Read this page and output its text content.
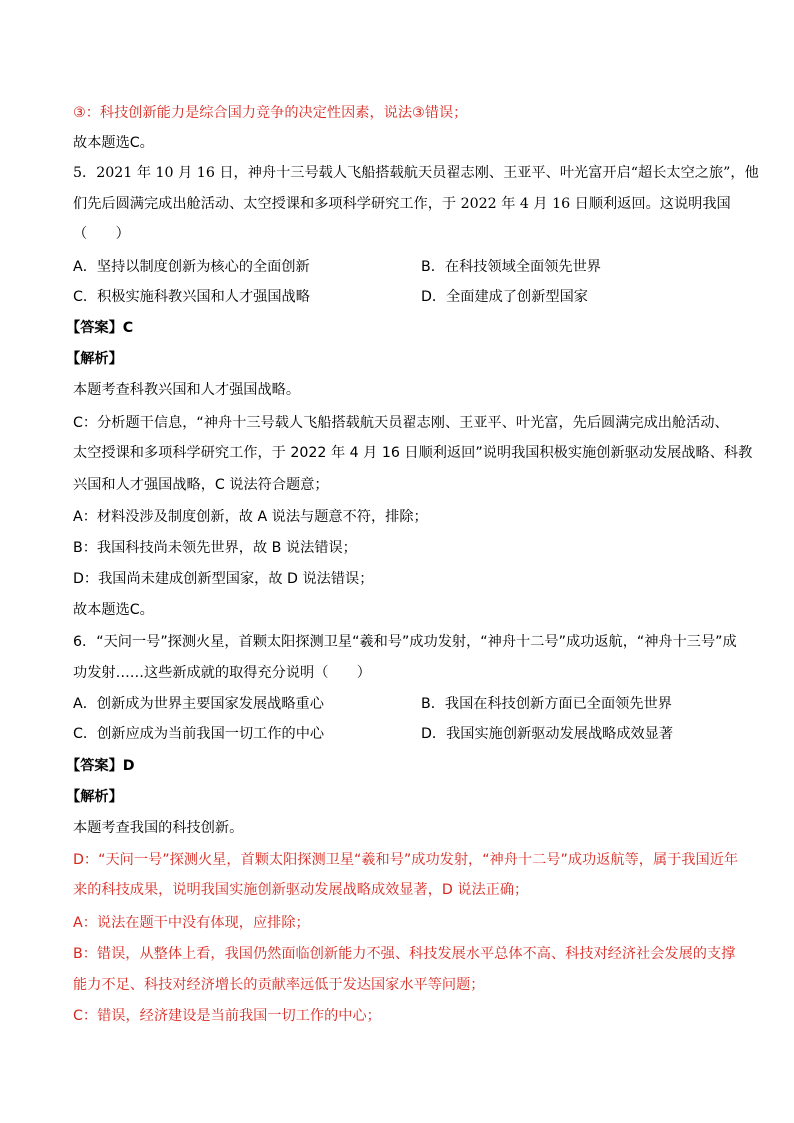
③：科技创新能力是综合国力竞争的决定性因素，说法③错误；
故本题选C。
5．2021 年 10 月 16 日，神舟十三号载人飞船搭载航天员翟志刚、王亚平、叶光富开启“超长太空之旅”，他
们先后圆满完成出舱活动、太空授课和多项科学研究工作，于 2022 年 4 月 16 日顺利返回。这说明我国
（　　）
A．坚持以制度创新为核心的全面创新	B．在科技领域全面领先世界
C．积极实施科教兴国和人才强国战略	D．全面建成了创新型国家
【答案】C
【解析】
本题考查科教兴国和人才强国战略。
C：分析题干信息，“神舟十三号载人飞船搭载航天员翟志刚、王亚平、叶光富，先后圆满完成出舱活动、
太空授课和多项科学研究工作，于 2022 年 4 月 16 日顺利返回”说明我国积极实施创新驱动发展战略、科教
兴国和人才强国战略，C 说法符合题意；
A：材料没涉及制度创新，故 A 说法与题意不符，排除；
B：我国科技尚未领先世界，故 B 说法错误；
D：我国尚未建成创新型国家，故 D 说法错误；
故本题选C。
6．“天问一号”探测火星，首颗太阳探测卫星“羲和号”成功发射，“神舟十二号”成功返航，“神舟十三号”成
功发射……这些新成就的取得充分说明（　　）
A．创新成为世界主要国家发展战略重心	B．我国在科技创新方面已全面领先世界
C．创新应成为当前我国一切工作的中心	D．我国实施创新驱动发展战略成效显著
【答案】D
【解析】
本题考查我国的科技创新。
D：“天问一号”探测火星，首颗太阳探测卫星“羲和号”成功发射，“神舟十二号”成功返航等，属于我国近年
来的科技成果，说明我国实施创新驱动发展战略成效显著，D 说法正确；
A：说法在题干中没有体现，应排除；
B：错误，从整体上看，我国仍然面临创新能力不强、科技发展水平总体不高、科技对经济社会发展的支撑
能力不足、科技对经济增长的贡献率远低于发达国家水平等问题；
C：错误，经济建设是当前我国一切工作的中心；
